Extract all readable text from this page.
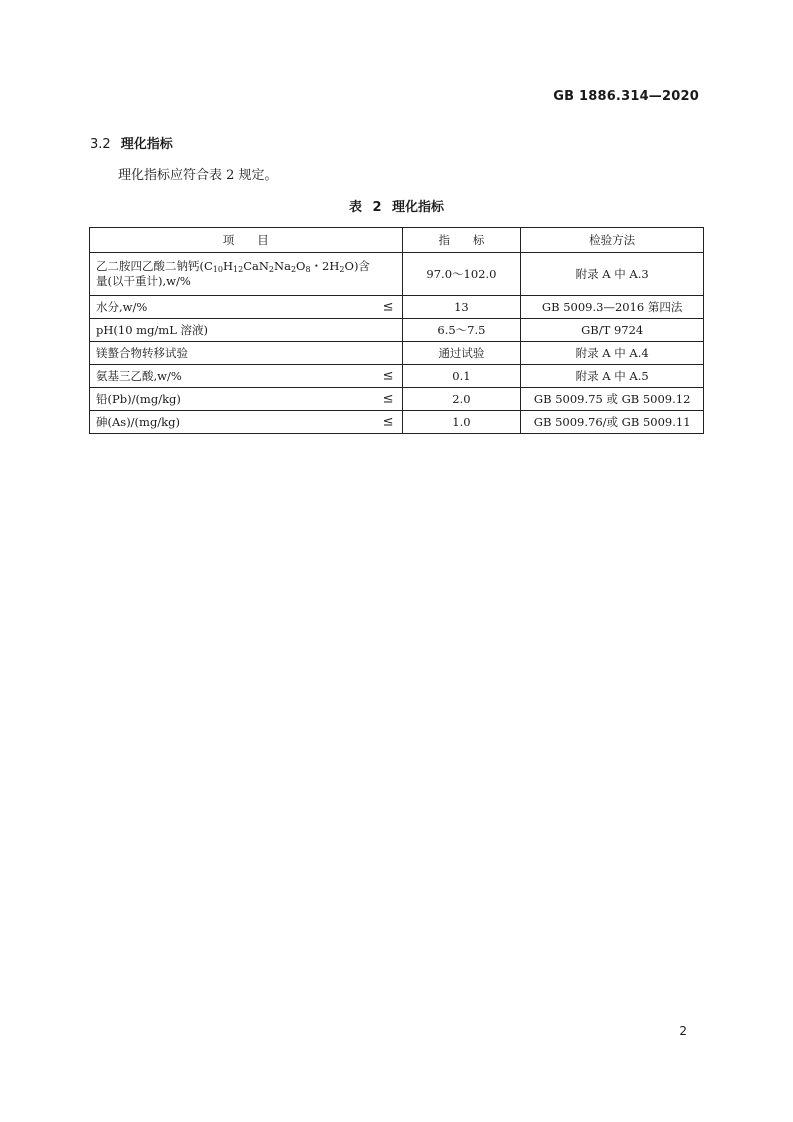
GB 1886.314—2020
3.2 理化指标
理化指标应符合表 2 规定。
表 2 理化指标
项　　目	指　　标	检验方法
乙二胺四乙酸二钠钙($C_{10}H_{12}CaN_2Na_2O_8$・$2H_2O$)含量(以干重计),w/%	97.0～102.0	附录 A 中 A.3
水分,w/% ≤	13	GB 5009.3—2016 第四法
pH(10 mg/mL 溶液)	6.5～7.5	GB/T 9724
镁螯合物转移试验	通过试验	附录 A 中 A.4
氨基三乙酸,w/% ≤	0.1	附录 A 中 A.5
铅(Pb)/(mg/kg) ≤	2.0	GB 5009.75 或 GB 5009.12
砷(As)/(mg/kg) ≤	1.0	GB 5009.76/或 GB 5009.11
2
